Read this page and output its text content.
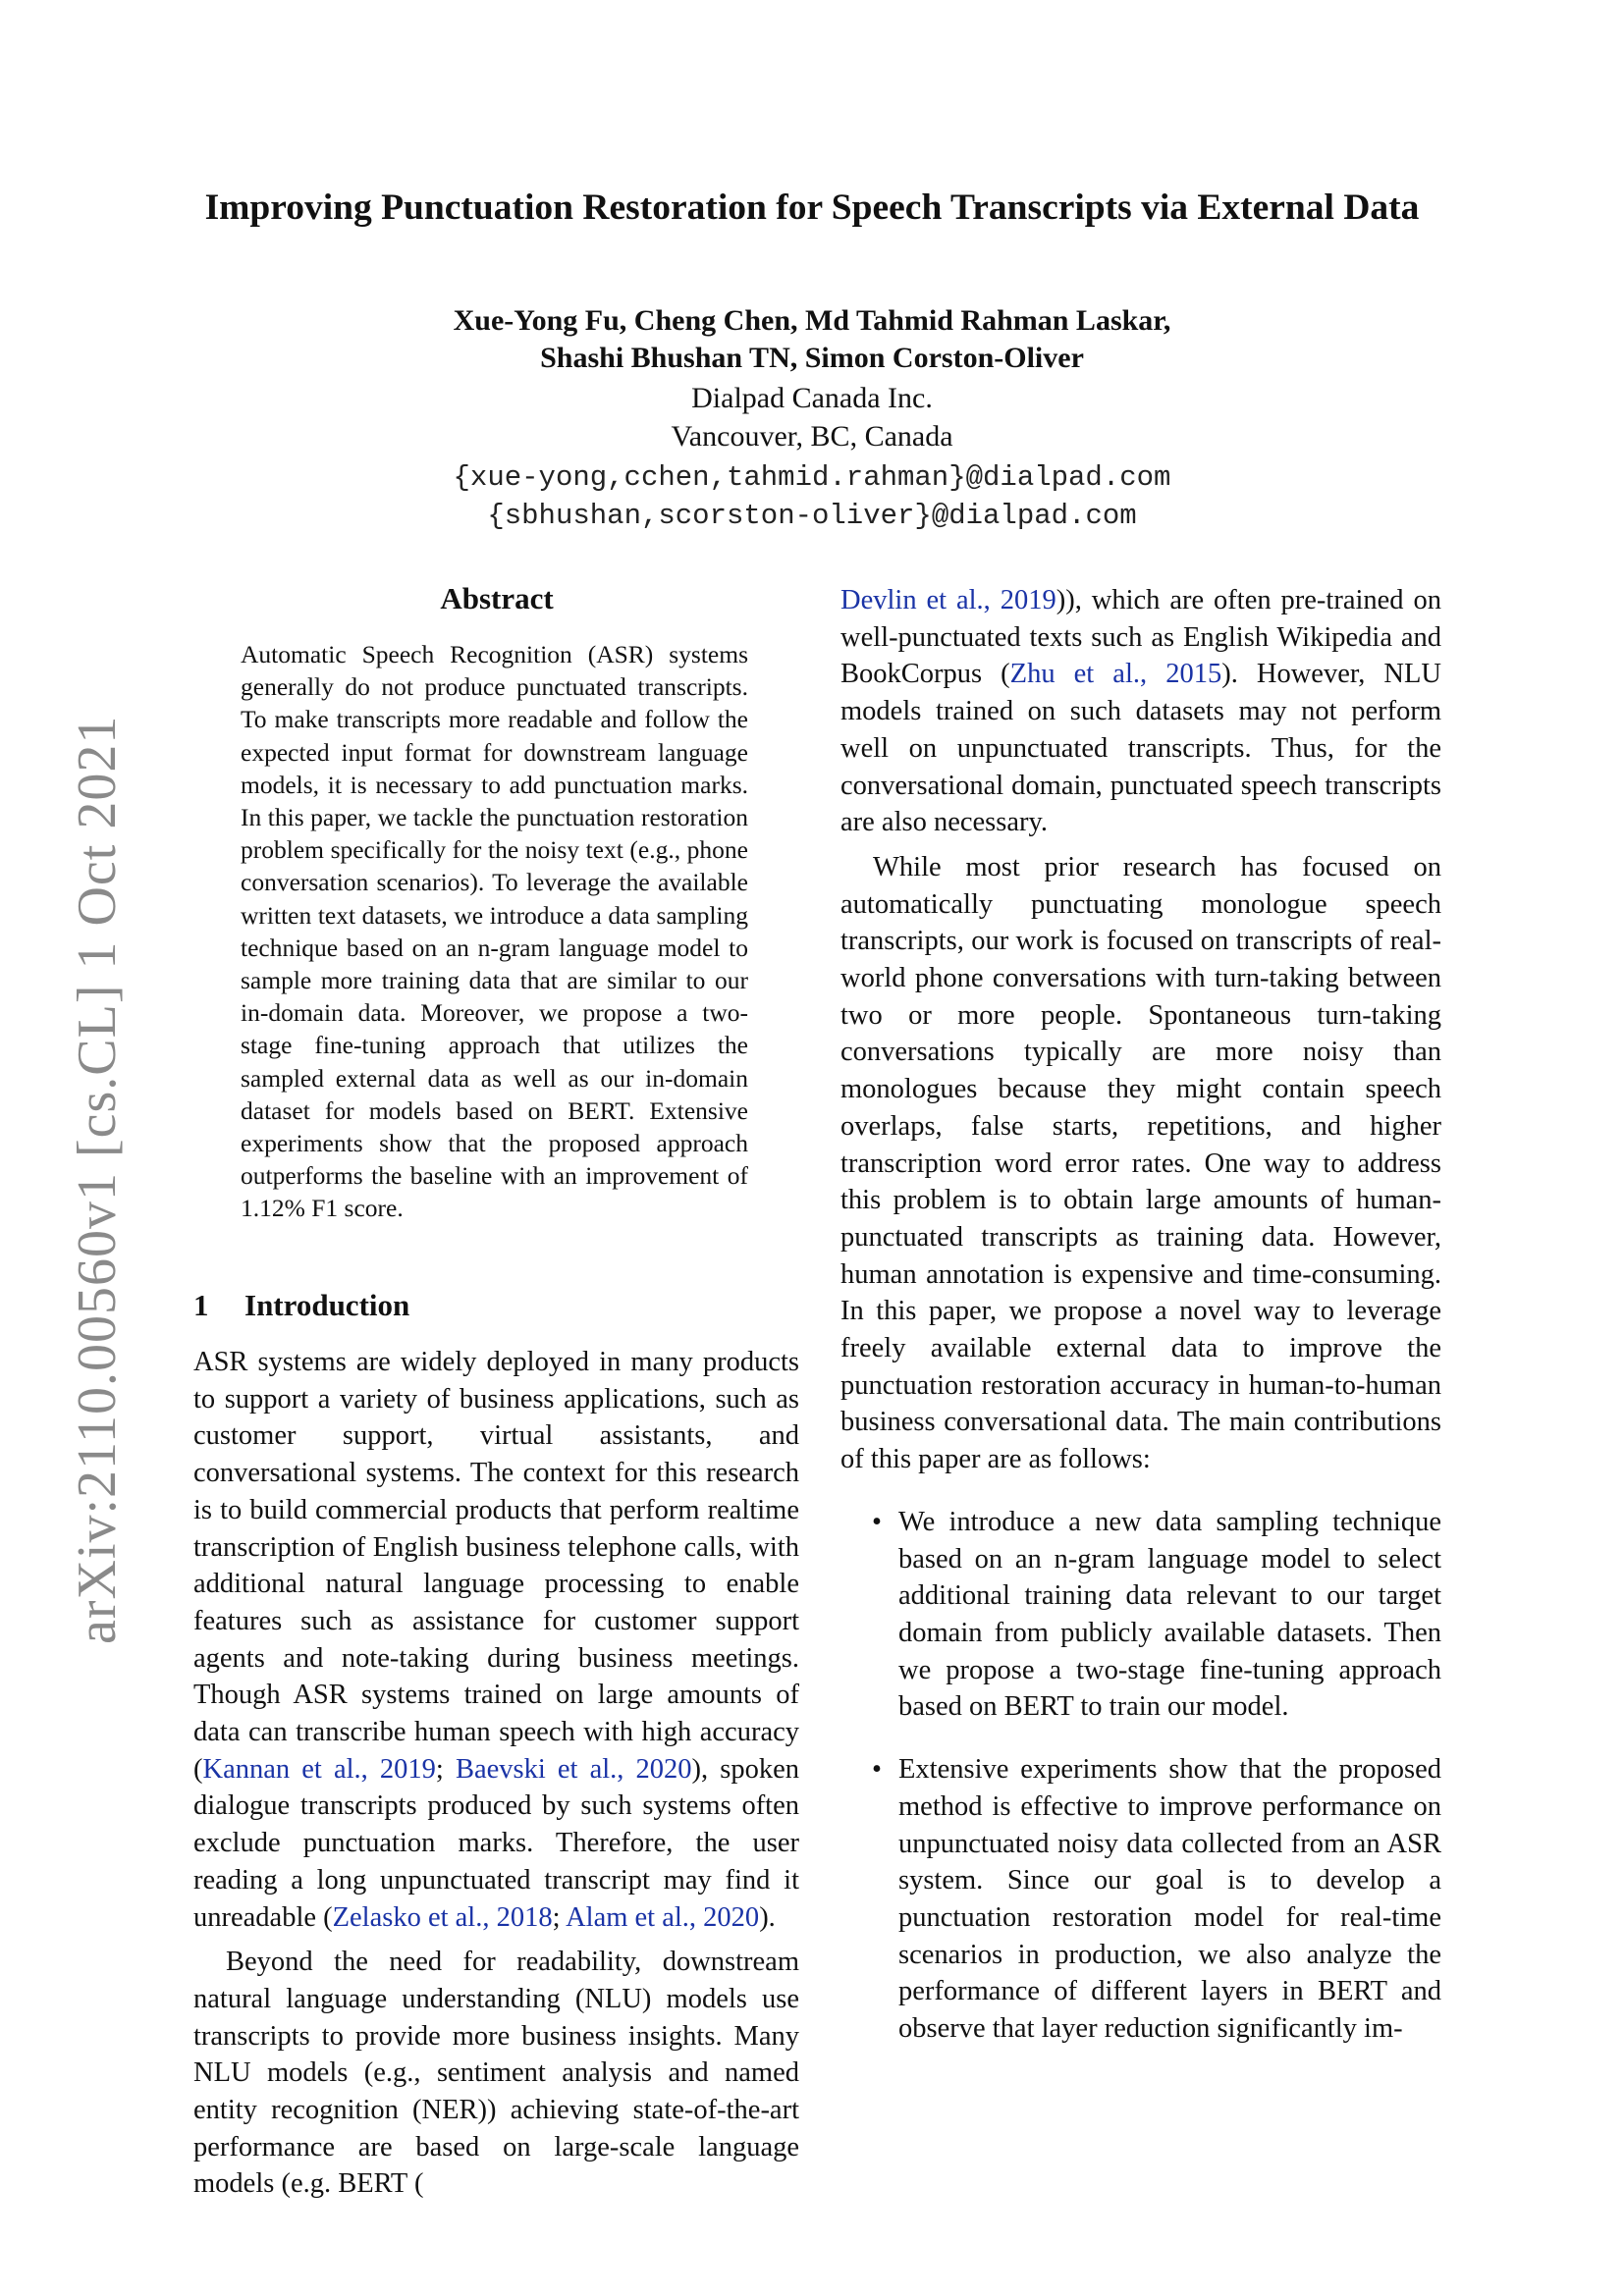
arXiv:2110.00560v1 [cs.CL] 1 Oct 2021
Improving Punctuation Restoration for Speech Transcripts via External Data
Xue-Yong Fu, Cheng Chen, Md Tahmid Rahman Laskar,
Shashi Bhushan TN, Simon Corston-Oliver
Dialpad Canada Inc.
Vancouver, BC, Canada
{xue-yong,cchen,tahmid.rahman}@dialpad.com
{sbhushan,scorston-oliver}@dialpad.com
Abstract

Automatic Speech Recognition (ASR) systems generally do not produce punctuated transcripts. To make transcripts more readable and follow the expected input format for downstream language models, it is necessary to add punctuation marks. In this paper, we tackle the punctuation restoration problem specifically for the noisy text (e.g., phone conversation scenarios). To leverage the available written text datasets, we introduce a data sampling technique based on an n-gram language model to sample more training data that are similar to our in-domain data. Moreover, we propose a two-stage fine-tuning approach that utilizes the sampled external data as well as our in-domain dataset for models based on BERT. Extensive experiments show that the proposed approach outperforms the baseline with an improvement of 1.12% F1 score.

1 Introduction

ASR systems are widely deployed in many products to support a variety of business applications, such as customer support, virtual assistants, and conversational systems. The context for this research is to build commercial products that perform realtime transcription of English business telephone calls, with additional natural language processing to enable features such as assistance for customer support agents and note-taking during business meetings. Though ASR systems trained on large amounts of data can transcribe human speech with high accuracy (Kannan et al., 2019; Baevski et al., 2020), spoken dialogue transcripts produced by such systems often exclude punctuation marks. Therefore, the user reading a long unpunctuated transcript may find it unreadable (Zelasko et al., 2018; Alam et al., 2020).

Beyond the need for readability, downstream natural language understanding (NLU) models use transcripts to provide more business insights. Many NLU models (e.g., sentiment analysis and named entity recognition (NER)) achieving state-of-the-art performance are based on large-scale language models (e.g. BERT (

Devlin et al., 2019)), which are often pre-trained on well-punctuated texts such as English Wikipedia and BookCorpus (Zhu et al., 2015). However, NLU models trained on such datasets may not perform well on unpunctuated transcripts. Thus, for the conversational domain, punctuated speech transcripts are also necessary.

While most prior research has focused on automatically punctuating monologue speech transcripts, our work is focused on transcripts of real-world phone conversations with turn-taking between two or more people. Spontaneous turn-taking conversations typically are more noisy than monologues because they might contain speech overlaps, false starts, repetitions, and higher transcription word error rates. One way to address this problem is to obtain large amounts of human-punctuated transcripts as training data. However, human annotation is expensive and time-consuming. In this paper, we propose a novel way to leverage freely available external data to improve the punctuation restoration accuracy in human-to-human business conversational data. The main contributions of this paper are as follows:

• We introduce a new data sampling technique based on an n-gram language model to select additional training data relevant to our target domain from publicly available datasets. Then we propose a two-stage fine-tuning approach based on BERT to train our model.

• Extensive experiments show that the proposed method is effective to improve performance on unpunctuated noisy data collected from an ASR system. Since our goal is to develop a punctuation restoration model for real-time scenarios in production, we also analyze the performance of different layers in BERT and observe that layer reduction significantly im-
